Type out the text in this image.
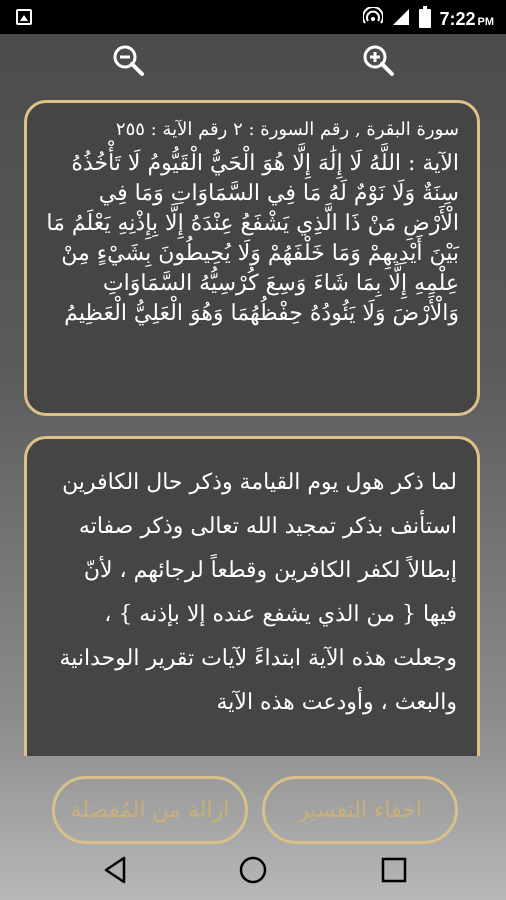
7:22 PM
سورة البقرة , رقم السورة : ٢ رقم الآية : ٢٥٥
الآية : اللَّهُ لَا إِلَٰهَ إِلَّا هُوَ الْحَيُّ الْقَيُّومُ لَا تَأْخُذُهُ سِنَةٌ وَلَا نَوْمٌ لَهُ مَا فِي السَّمَاوَاتِ وَمَا فِي الْأَرْضِ مَنْ ذَا الَّذِي يَشْفَعُ عِنْدَهُ إِلَّا بِإِذْنِهِ يَعْلَمُ مَا بَيْنَ أَيْدِيهِمْ وَمَا خَلْفَهُمْ وَلَا يُحِيطُونَ بِشَيْءٍ مِنْ عِلْمِهِ إِلَّا بِمَا شَاءَ وَسِعَ كُرْسِيُّهُ السَّمَاوَاتِ وَالْأَرْضَ وَلَا يَئُودُهُ حِفْظُهُمَا وَهُوَ الْعَلِيُّ الْعَظِيمُ
لما ذكر هول يوم القيامة وذكر حال الكافرين استأنف بذكر تمجيد الله تعالى وذكر صفاته إبطالاً لكفر الكافرين وقطعاً لرجائهم ، لأنّ فيها { من الذي يشفع عنده إلا بإذنه } ، وجعلت هذه الآية ابتداءً لآيات تقرير الوحدانية والبعث ، وأودعت هذه الآية
ازالة من المُفضلة	اخفاء التفسير
